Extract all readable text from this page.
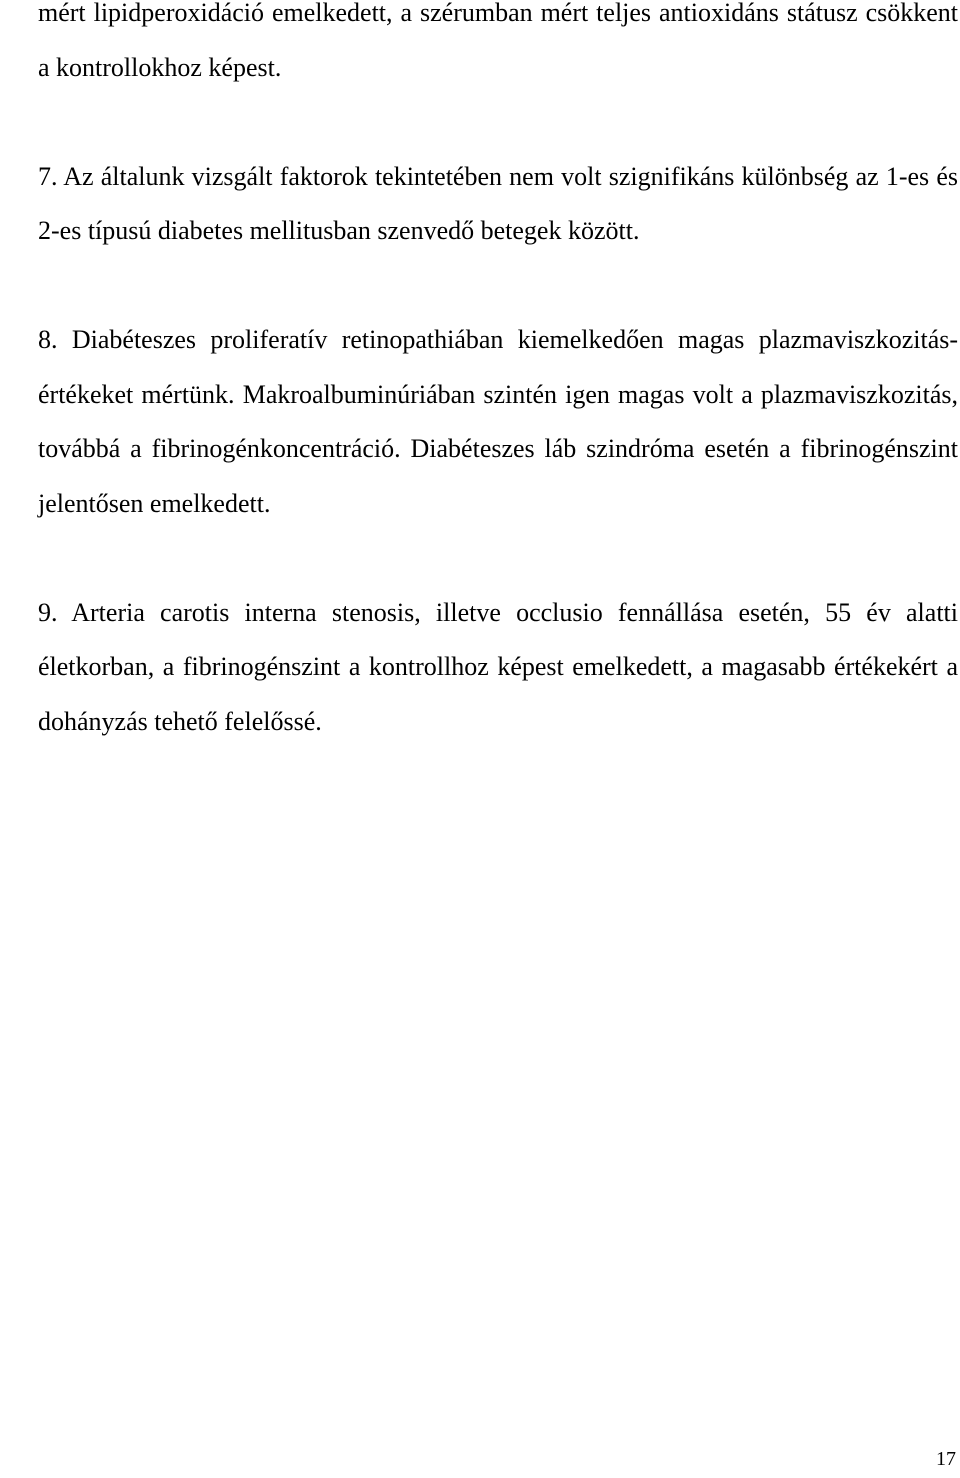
mért lipidperoxidáció emelkedett, a szérumban mért teljes antioxidáns státusz csökkent a kontrollokhoz képest.

7. Az általunk vizsgált faktorok tekintetében nem volt szignifikáns különbség az 1-es és 2-es típusú diabetes mellitusban szenvedő betegek között.

8. Diabéteszes proliferatív retinopathiában kiemelkedően magas plazmaviszkozitás-értékeket mértünk. Makroalbuminúriában szintén igen magas volt a plazmaviszkozitás, továbbá a fibrinogénkoncentráció. Diabéteszes láb szindróma esetén a fibrinogénszint jelentősen emelkedett.

9. Arteria carotis interna stenosis, illetve occlusio fennállása esetén, 55 év alatti életkorban, a fibrinogénszint a kontrollhoz képest emelkedett, a magasabb értékekért a dohányzás tehető felelőssé.

17
